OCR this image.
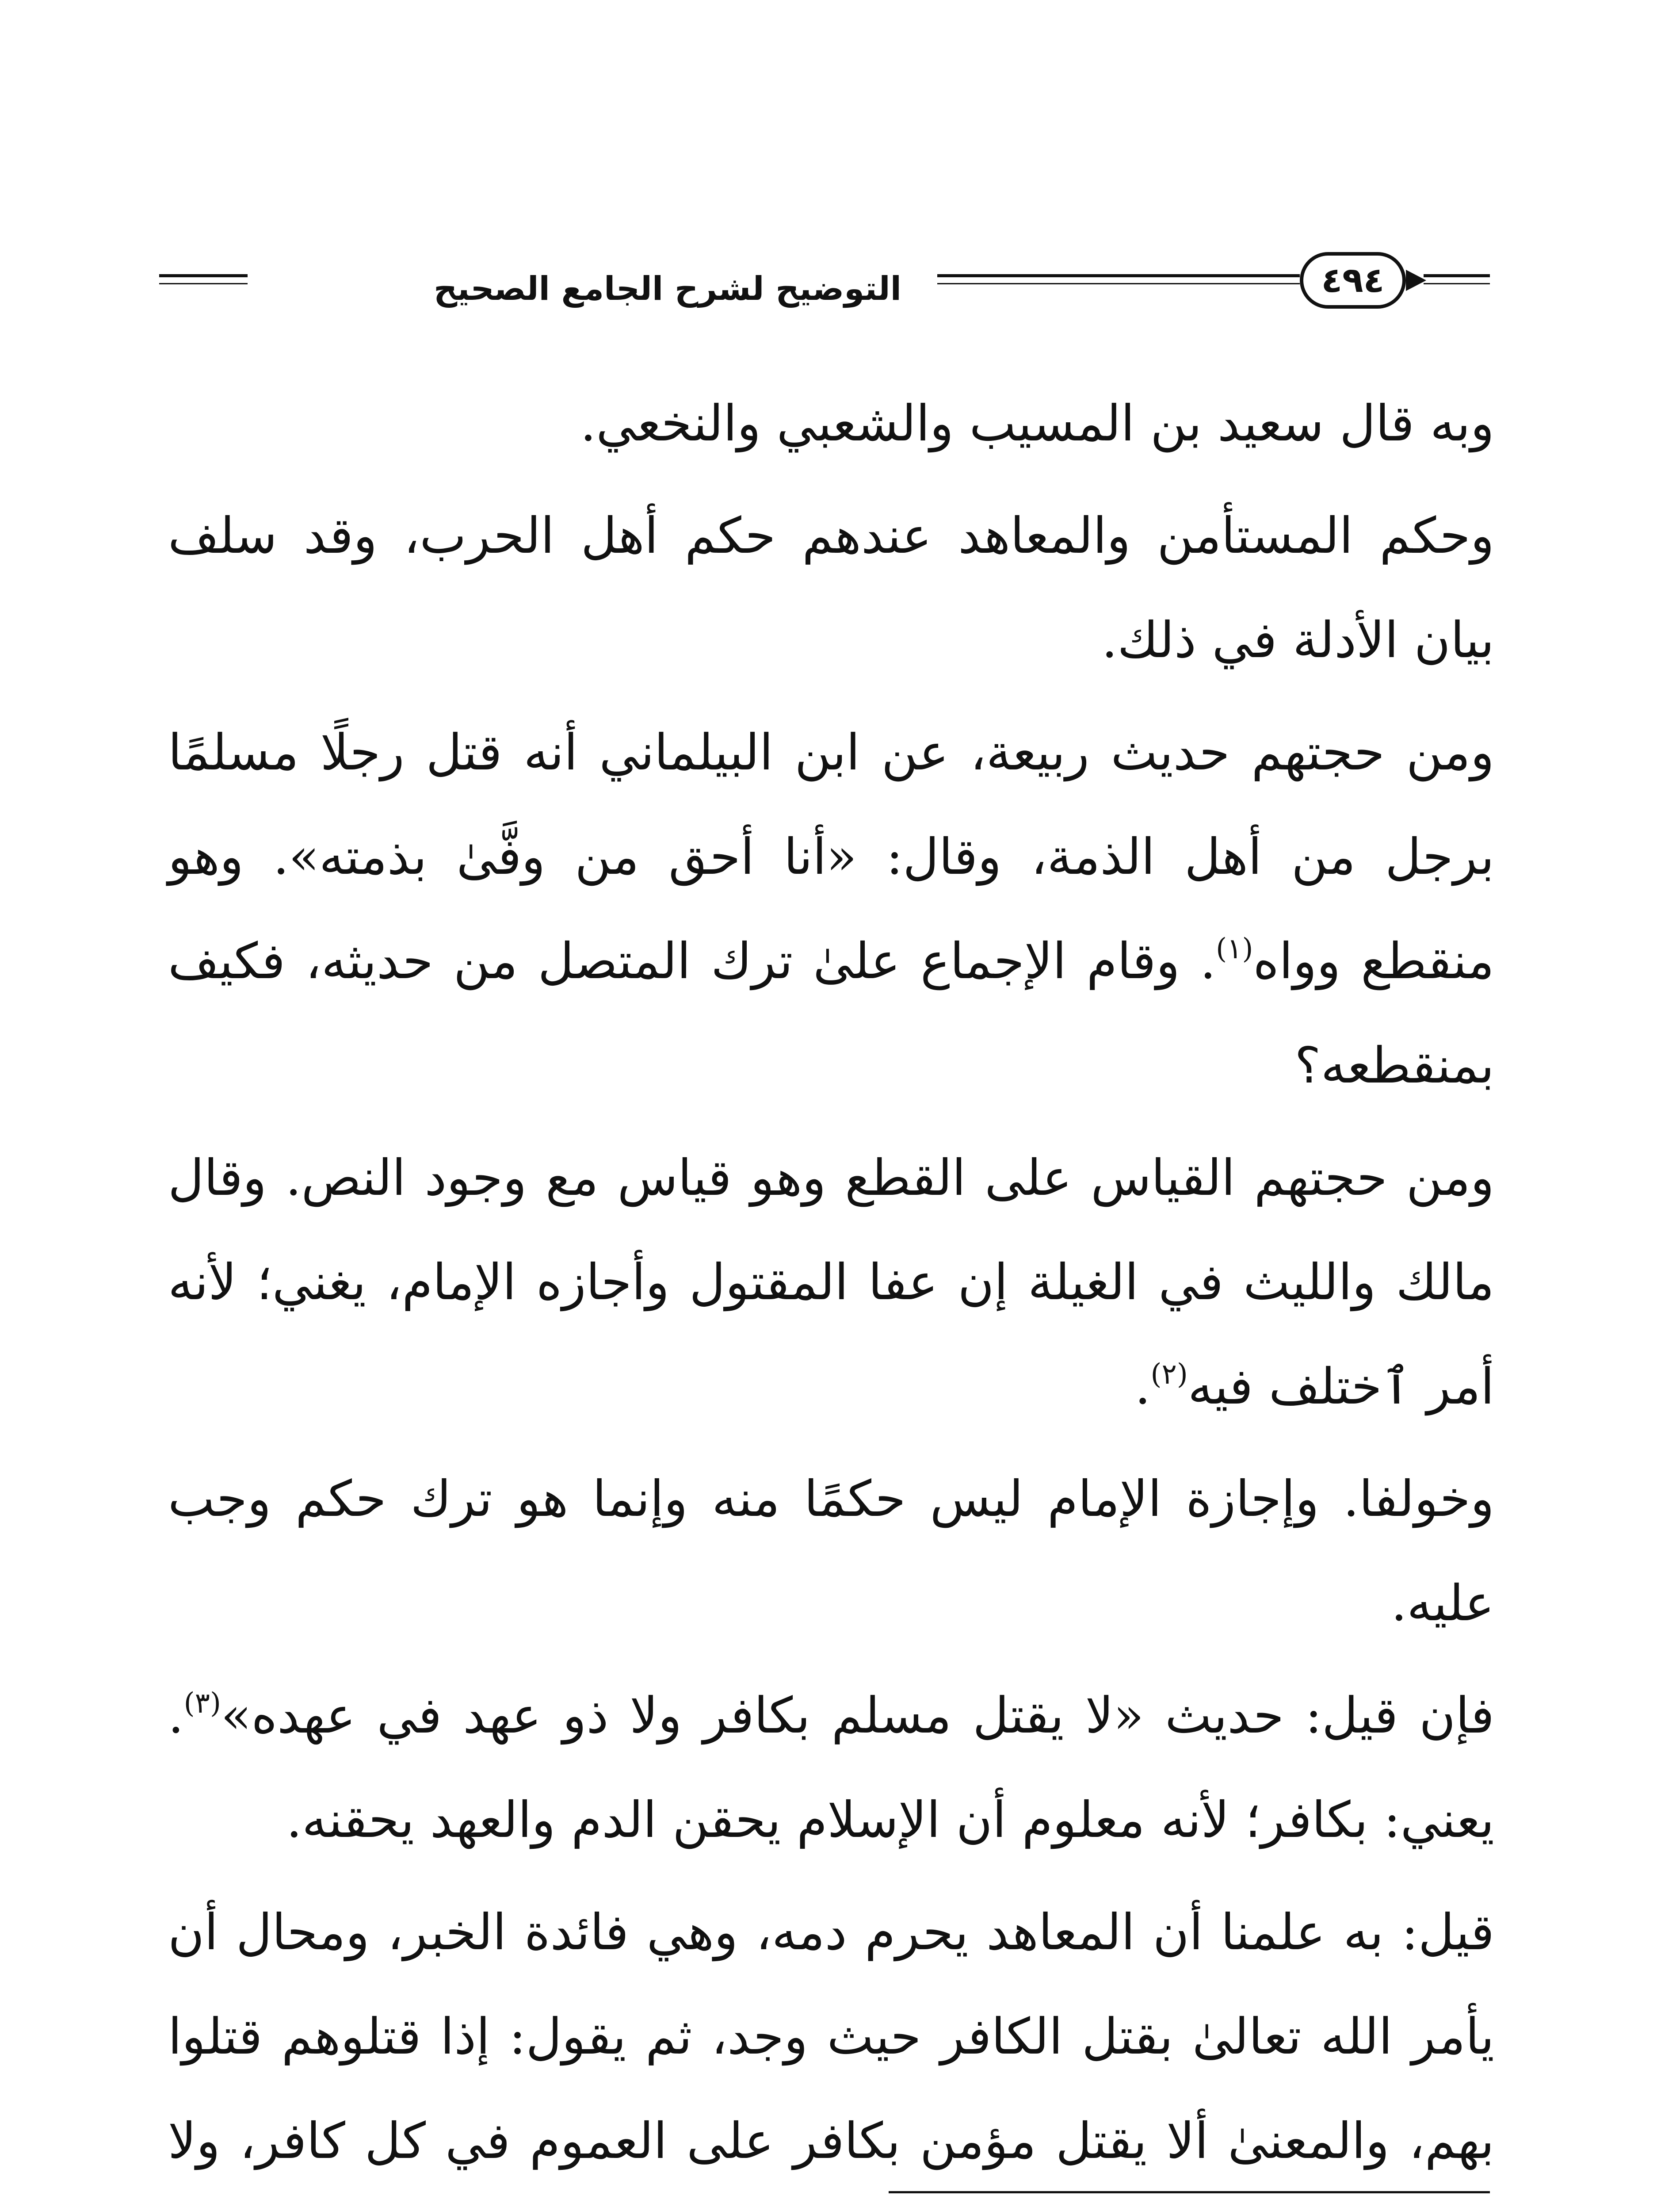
التوضيح لشرح الجامع الصحيح	٤٩٤

وبه قال سعيد بن المسيب والشعبي والنخعي.

وحكم المستأمن والمعاهد عندهم حكم أهل الحرب، وقد سلف بيان الأدلة في ذلك.

ومن حجتهم حديث ربيعة، عن ابن البيلماني أنه قتل رجلًا مسلمًا برجل من أهل الذمة، وقال: «أنا أحق من وفَّىٰ بذمته». وهو منقطع وواه$^{(١)}$. وقام الإجماع علىٰ ترك المتصل من حديثه، فكيف بمنقطعه؟

ومن حجتهم القياس على القطع وهو قياس مع وجود النص. وقال مالك والليث في الغيلة إن عفا المقتول وأجازه الإمام، يغني؛ لأنه أمر ٱختلف فيه$^{(٢)}$.

وخولفا. وإجازة الإمام ليس حكمًا منه وإنما هو ترك حكم وجب عليه.

فإن قيل: حديث «لا يقتل مسلم بكافر ولا ذو عهد في عهده»$^{(٣)}$. يعني: بكافر؛ لأنه معلوم أن الإسلام يحقن الدم والعهد يحقنه.

قيل: به علمنا أن المعاهد يحرم دمه، وهي فائدة الخبر، ومحال أن يأمر الله تعالىٰ بقتل الكافر حيث وجد، ثم يقول: إذا قتلوهم قتلوا بهم، والمعنىٰ ألا يقتل مؤمن بكافر على العموم في كل كافر، ولا
